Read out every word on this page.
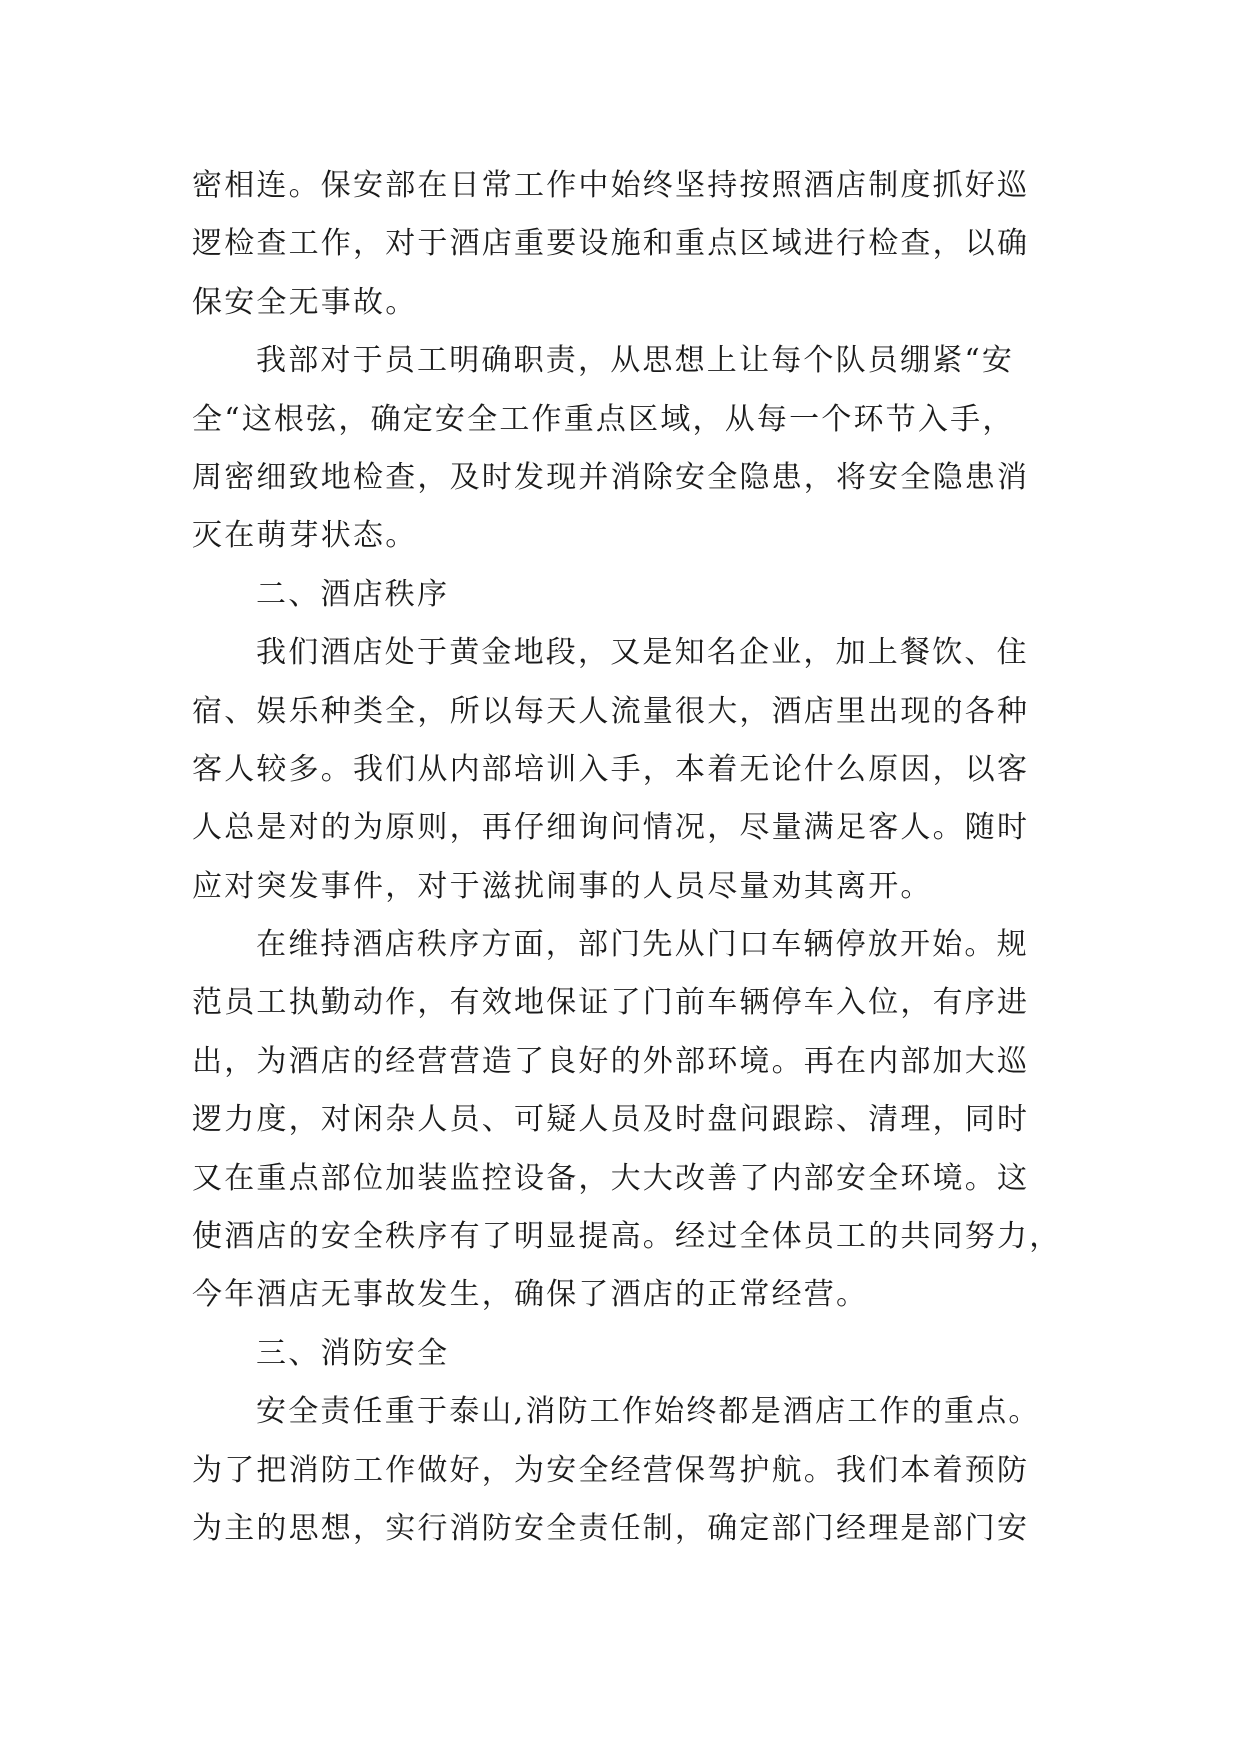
密相连。保安部在日常工作中始终坚持按照酒店制度抓好巡
逻检查工作，对于酒店重要设施和重点区域进行检查，以确
保安全无事故。
我部对于员工明确职责，从思想上让每个队员绷紧“安
全“这根弦，确定安全工作重点区域，从每一个环节入手，
周密细致地检查，及时发现并消除安全隐患，将安全隐患消
灭在萌芽状态。
二、酒店秩序
我们酒店处于黄金地段，又是知名企业，加上餐饮、住
宿、娱乐种类全，所以每天人流量很大，酒店里出现的各种
客人较多。我们从内部培训入手，本着无论什么原因，以客
人总是对的为原则，再仔细询问情况，尽量满足客人。随时
应对突发事件，对于滋扰闹事的人员尽量劝其离开。
在维持酒店秩序方面，部门先从门口车辆停放开始。规
范员工执勤动作，有效地保证了门前车辆停车入位，有序进
出，为酒店的经营营造了良好的外部环境。再在内部加大巡
逻力度，对闲杂人员、可疑人员及时盘问跟踪、清理，同时
又在重点部位加装监控设备，大大改善了内部安全环境。这
使酒店的安全秩序有了明显提高。经过全体员工的共同努力，
今年酒店无事故发生，确保了酒店的正常经营。
三、消防安全
安全责任重于泰山,消防工作始终都是酒店工作的重点。
为了把消防工作做好，为安全经营保驾护航。我们本着预防
为主的思想，实行消防安全责任制，确定部门经理是部门安
